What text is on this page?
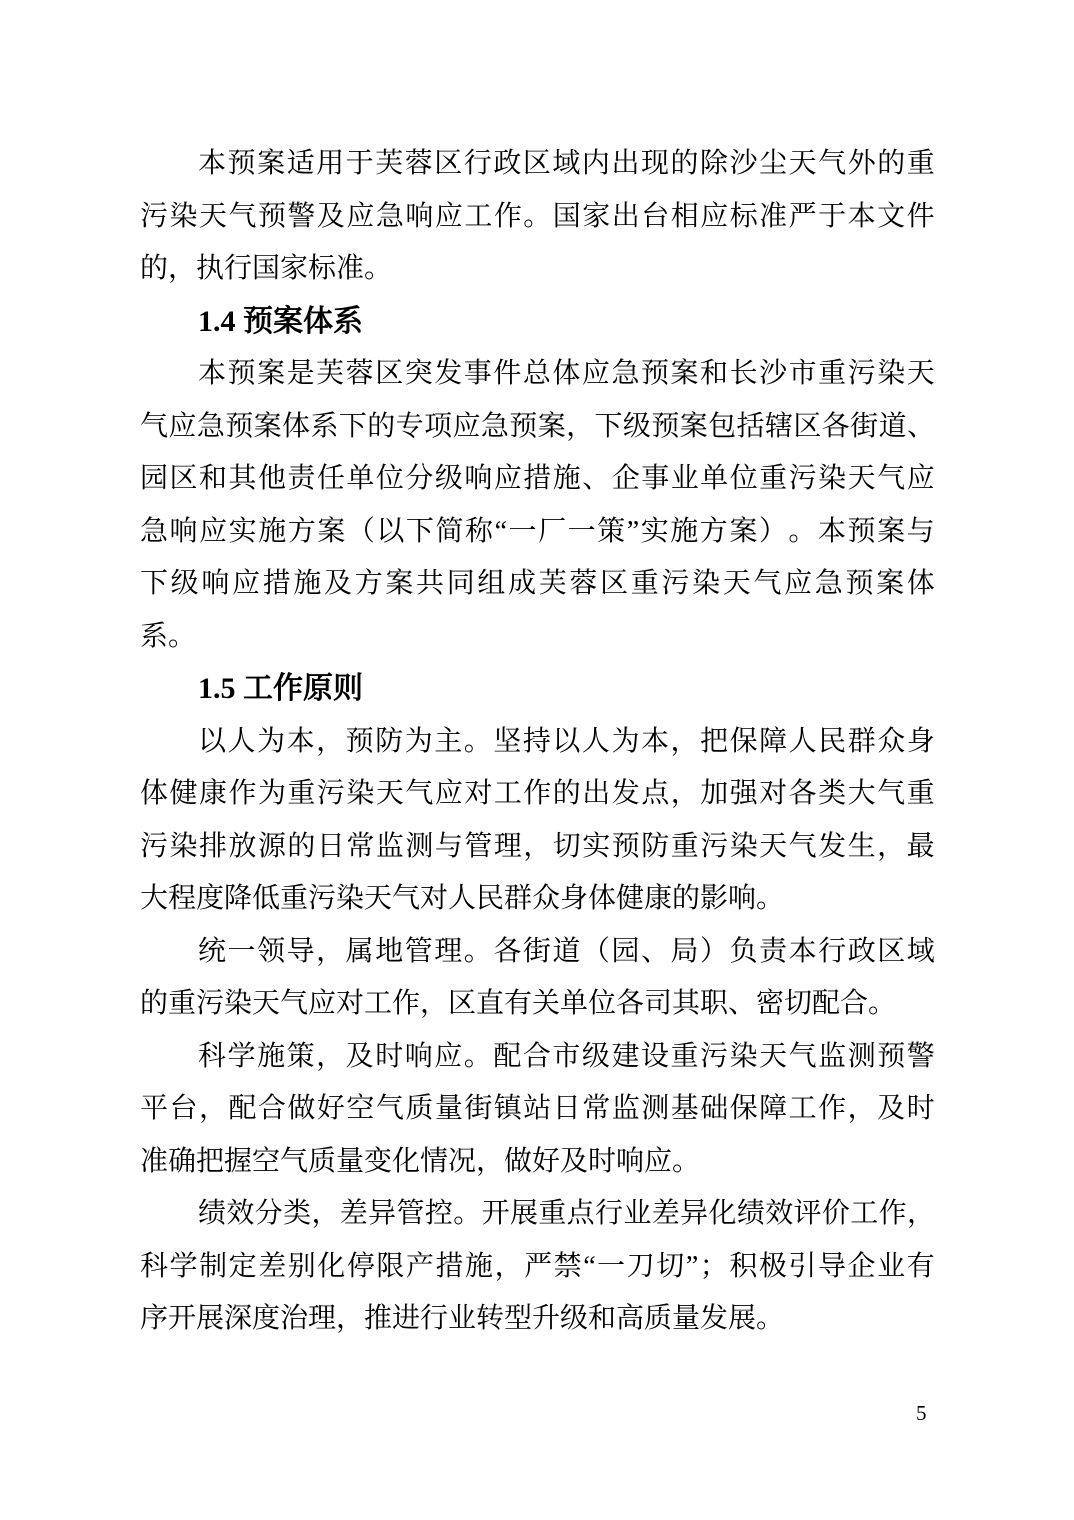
本 预 案 适 用 于 芙 蓉 区 行 政 区 域 内 出 现 的 除 沙 尘 天 气 外 的 重
污 染 天 气 预 警 及 应 急 响 应 工 作 。 国 家 出 台 相 应 标 准 严 于 本 文 件
的，执行国家标准。
1.4 预案体系
本 预 案 是 芙 蓉 区 突 发 事 件 总 体 应 急 预 案 和 长 沙 市 重 污 染 天
气 应 急 预 案 体 系 下 的 专 项 应 急 预 案 ， 下 级 预 案 包 括 辖 区 各 街 道 、
园 区 和 其 他 责 任 单 位 分 级 响 应 措 施 、 企 事 业 单 位 重 污 染 天 气 应
急 响 应 实 施 方 案 （ 以 下 简 称 “ 一 厂 一 策 ” 实 施 方 案 ） 。 本 预 案 与
下 级 响 应 措 施 及 方 案 共 同 组 成 芙 蓉 区 重 污 染 天 气 应 急 预 案 体
系。
1.5 工作原则
以 人 为 本 ， 预 防 为 主 。 坚 持 以 人 为 本 ， 把 保 障 人 民 群 众 身
体 健 康 作 为 重 污 染 天 气 应 对 工 作 的 出 发 点 ， 加 强 对 各 类 大 气 重
污 染 排 放 源 的 日 常 监 测 与 管 理 ， 切 实 预 防 重 污 染 天 气 发 生 ， 最
大程度降低重污染天气对人民群众身体健康的影响。
统 一 领 导 ， 属 地 管 理 。 各 街 道 （ 园 、 局 ） 负 责 本 行 政 区 域
的重污染天气应对工作，区直有关单位各司其职、密切配合。
科 学 施 策 ， 及 时 响 应 。 配 合 市 级 建 设 重 污 染 天 气 监 测 预 警
平 台 ， 配 合 做 好 空 气 质 量 街 镇 站 日 常 监 测 基 础 保 障 工 作 ， 及 时
准确把握空气质量变化情况，做好及时响应。
绩 效 分 类 ， 差 异 管 控 。 开 展 重 点 行 业 差 异 化 绩 效 评 价 工 作 ，
科 学 制 定 差 别 化 停 限 产 措 施 ， 严 禁 “ 一 刀 切 ” ； 积 极 引 导 企 业 有
序开展深度治理，推进行业转型升级和高质量发展。
5
